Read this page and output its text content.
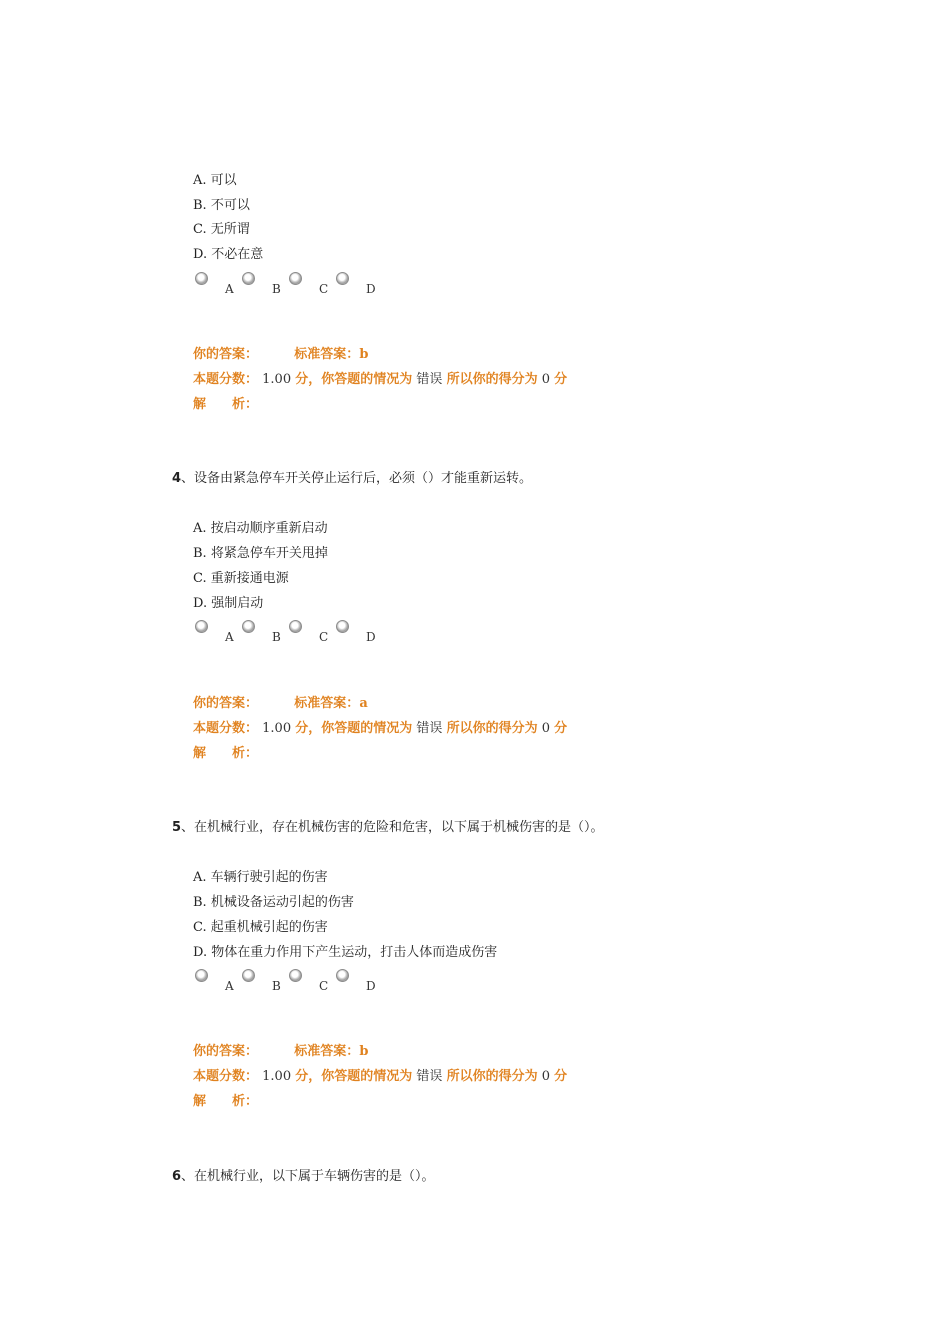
A. 可以
B. 不可以
C. 无所谓
D. 不必在意
A	B	C	D
你的答案：	标准答案：b
本题分数： 1.00 分，你答题的情况为 错误 所以你的得分为 0 分
解　　析：
4、设备由紧急停车开关停止运行后，必须（）才能重新运转。
A. 按启动顺序重新启动
B. 将紧急停车开关甩掉
C. 重新接通电源
D. 强制启动
A	B	C	D
你的答案：	标准答案：a
本题分数： 1.00 分，你答题的情况为 错误 所以你的得分为 0 分
解　　析：
5、在机械行业，存在机械伤害的危险和危害，以下属于机械伤害的是（）。
A. 车辆行驶引起的伤害
B. 机械设备运动引起的伤害
C. 起重机械引起的伤害
D. 物体在重力作用下产生运动，打击人体而造成伤害
A	B	C	D
你的答案：	标准答案：b
本题分数： 1.00 分，你答题的情况为 错误 所以你的得分为 0 分
解　　析：
6、在机械行业，以下属于车辆伤害的是（）。
